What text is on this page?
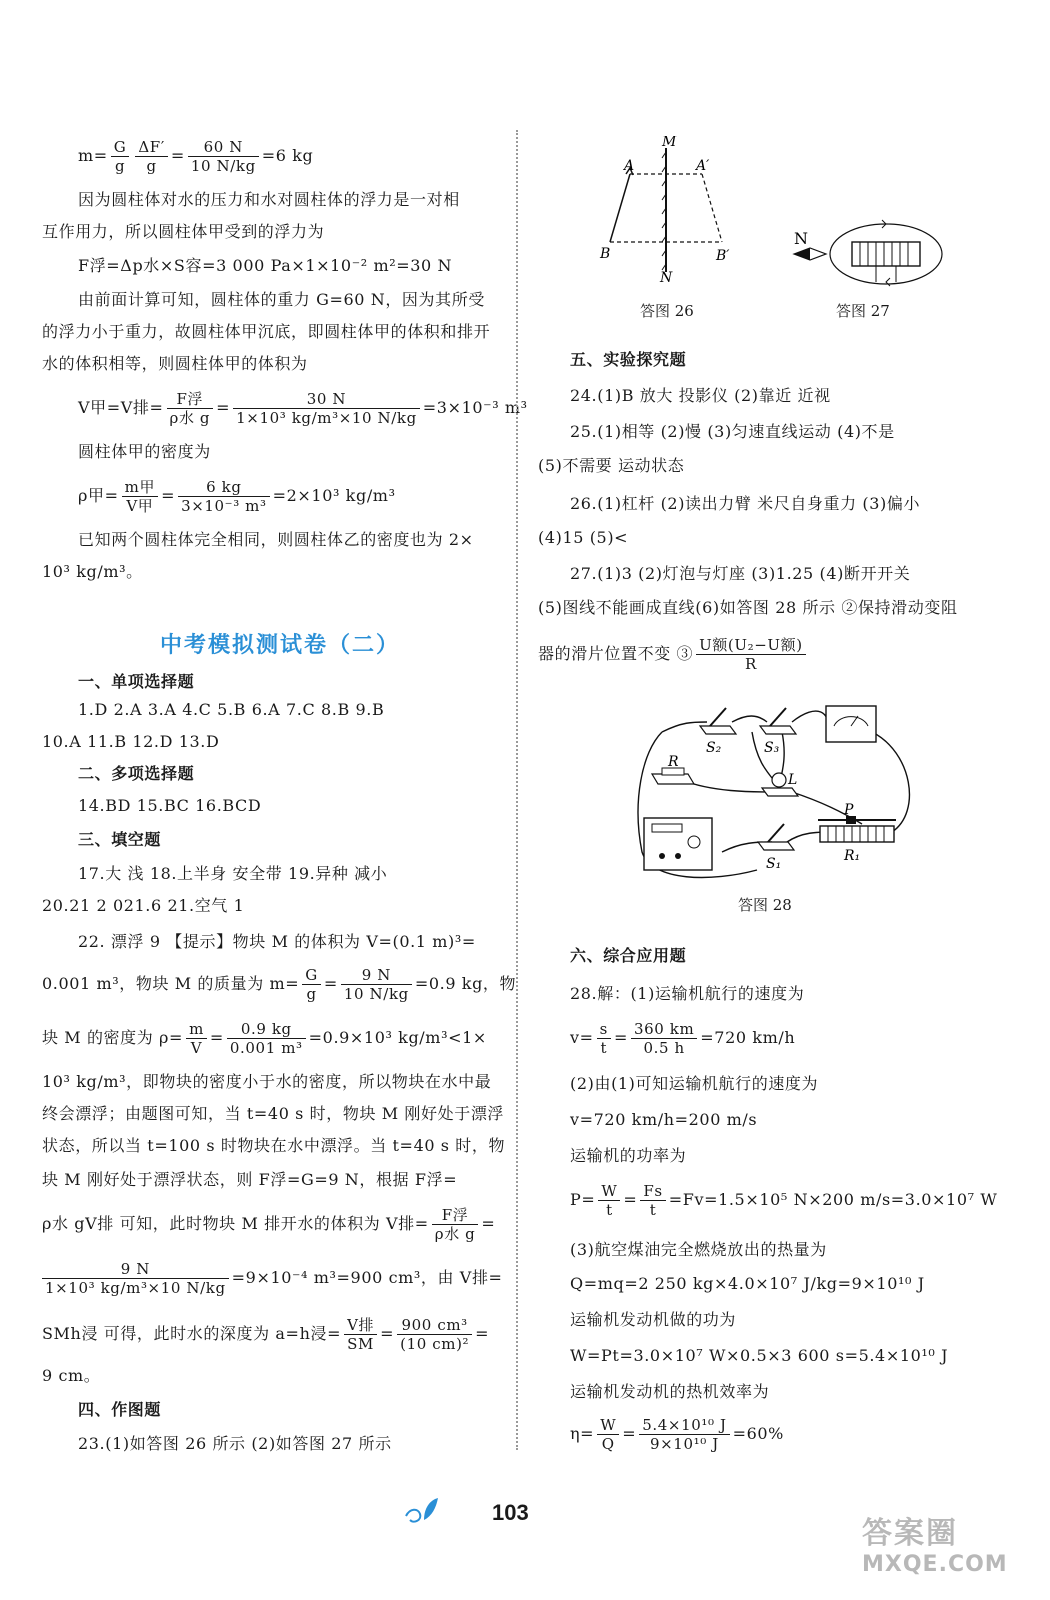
$m= \frac{G}{g} \frac{\Delta F'}{g} = \frac{60 N}{10 N/kg} =6$ kg
因为圆柱体对水的压力和水对圆柱体的浮力是一对相
互作用力，所以圆柱体甲受到的浮力为
F浮=Δp水×S容=3 000 Pa×1×10⁻² m²=30 N
由前面计算可知，圆柱体的重力 G=60 N，因为其所受
的浮力小于重力，故圆柱体甲沉底，即圆柱体甲的体积和排开
水的体积相等，则圆柱体甲的体积为
V甲=V排= $\frac{\text{F浮}}{\text{ρ水 g}} = \frac{30 N}{\text{1×10³ kg/m³×10 N/kg}} =3\times 10^{-3}$ m³
圆柱体甲的密度为
ρ甲= $\frac{\text{m甲}}{\text{V甲}} = \frac{6 kg}{\text{3×10⁻³ m³}} =2\times 10^3$ kg/m³
已知两个圆柱体完全相同，则圆柱体乙的密度也为 2×
10³ kg/m³。
中考模拟测试卷（二）
一、单项选择题
1.D 2.A 3.A 4.C 5.B 6.A 7.C 8.B 9.B
10.A 11.B 12.D 13.D
二、多项选择题
14.BD 15.BC 16.BCD
三、填空题
17.大 浅 18.上半身 安全带 19.异种 减小
20.21 2 021.6 21.空气 1
22. 漂浮 9 【提示】物块 M 的体积为 V=(0.1 m)³=
0.001 m³，物块 M 的质量为 $m= \frac{G}{g} = \frac{9 N}{10 N/kg} =0.9$ kg，物
块 M 的密度为 $\rho= \frac{m}{V} = \frac{0.9 kg}{\text{0.001 m³}} =0.9\times 10^3$ kg/m³<1×
10³ kg/m³，即物块的密度小于水的密度，所以物块在水中最
终会漂浮；由题图可知，当 t=40 s 时，物块 M 刚好处于漂浮
状态，所以当 t=100 s 时物块在水中漂浮。当 t=40 s 时，物
块 M 刚好处于漂浮状态，则 F浮=G=9 N，根据 F浮=
ρ水 gV排 可知，此时物块 M 排开水的体积为 V排= $\frac{\text{F浮}}{\text{ρ水 g}}$ =
$\frac{9 N}{\text{1×10³ kg/m³×10 N/kg}} =9\times 10^{-4}$ m³=900 cm³，由 V排=
SMh浸 可得，此时水的深度为 a=h浸= $\frac{\text{V排}}{SM} = \frac{\text{900 cm³}}{\text{(10 cm)²}}$ =
9 cm。
四、作图题
23.(1)如答图 26 所示 (2)如答图 27 所示
M
N
A	A′
B	B′
答图 26
N
答图 27
五、实验探究题
24.(1)B 放大 投影仪 (2)靠近 近视
25.(1)相等 (2)慢 (3)匀速直线运动 (4)不是
(5)不需要 运动状态
26.(1)杠杆 (2)读出力臂 米尺自身重力 (3)偏小
(4)15 (5)<
27.(1)3 (2)灯泡与灯座 (3)1.25 (4)断开开关
(5)图线不能画成直线(6)如答图 28 所示 ②保持滑动变阻
器的滑片位置不变 ③ $\frac{\text{U额(U₂−U额)}}{R}$
S₂	S₃
R
L
P
R₁
S₁
答图 28
六、综合应用题
28.解：(1)运输机航行的速度为
$v= \frac{s}{t} = \frac{360 km}{0.5 h} =720$ km/h
(2)由(1)可知运输机航行的速度为
v=720 km/h=200 m/s
运输机的功率为
$P= \frac{W}{t} = \frac{Fs}{t} =Fv=1.5\times 10^5$ N×200 m/s=3.0×10⁷ W
(3)航空煤油完全燃烧放出的热量为
Q=mq=2 250 kg×4.0×10⁷ J/kg=9×10¹⁰ J
运输机发动机做的功为
W=Pt=3.0×10⁷ W×0.5×3 600 s=5.4×10¹⁰ J
运输机发动机的热机效率为
$\eta= \frac{W}{Q} = \frac{\text{5.4×10¹⁰ J}}{\text{9×10¹⁰ J}} =60\%$
103
答案圈
MXQE.COM
